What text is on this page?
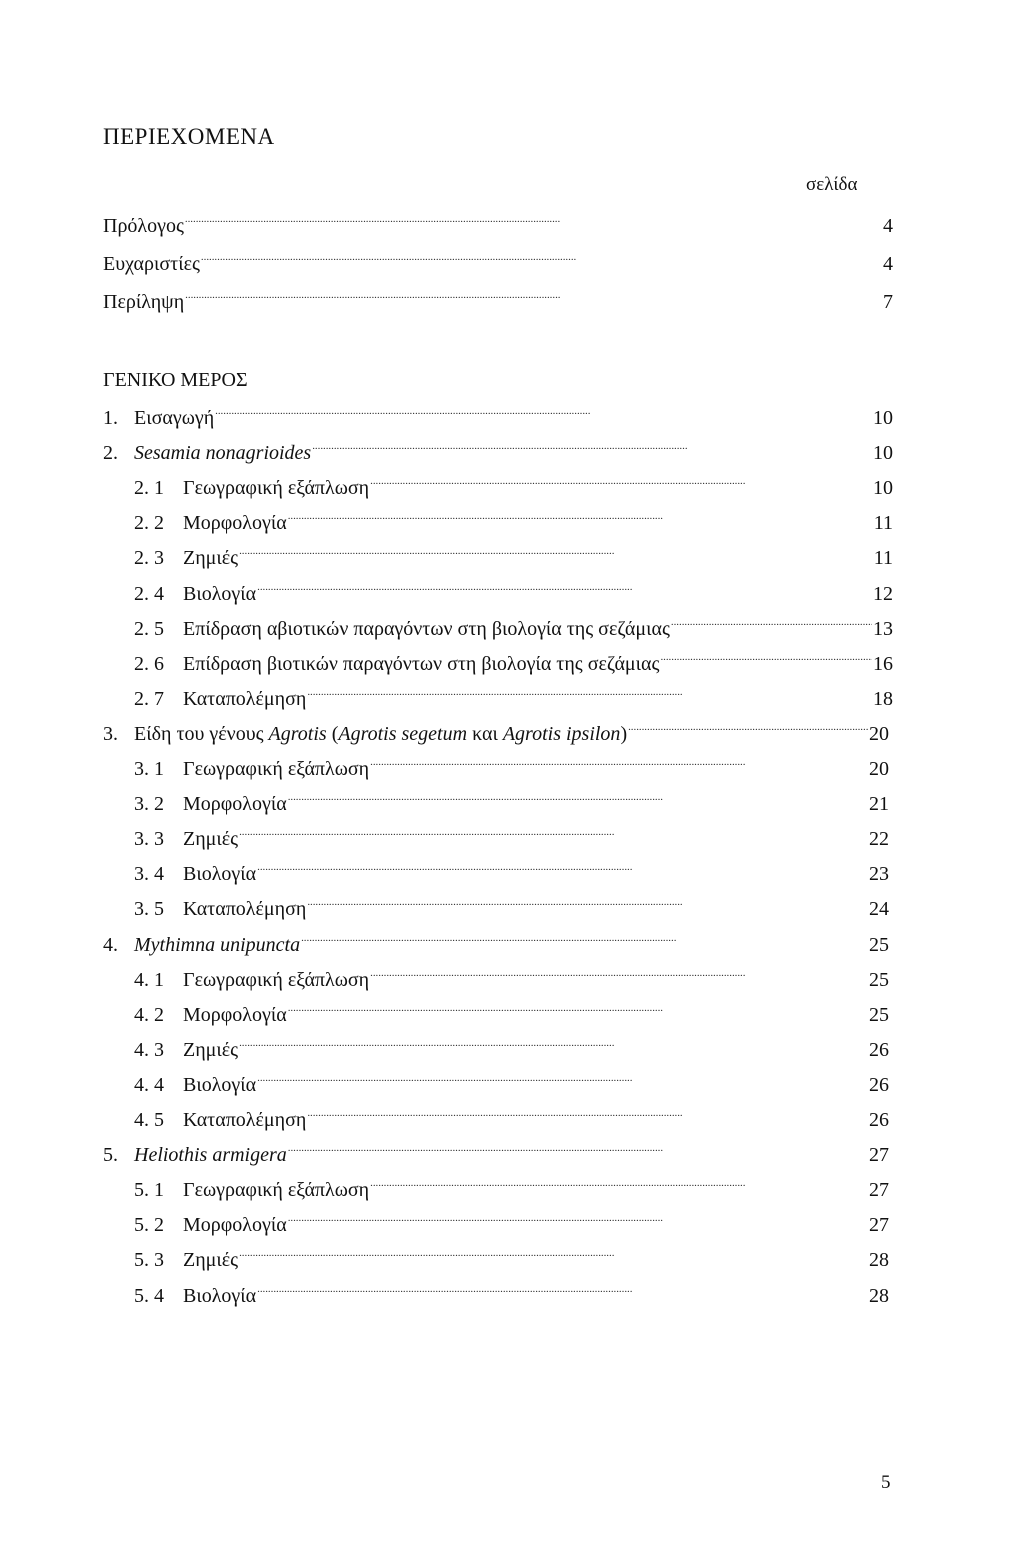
ΠΕΡΙΕΧΟΜΕΝΑ
σελίδα
Πρόλογος . . .	4
Ευχαριστίες . . .	4
Περίληψη . . .	7
ΓΕΝΙΚΟ ΜΕΡΟΣ
1. Εισαγωγή . . .	10
2. Sesamia nonagrioides . . .	10
2. 1 Γεωγραφική εξάπλωση . . .	10
2. 2 Μορφολογία . . .	11
2. 3 Ζημιές . . .	11
2. 4 Βιολογία . . .	12
2. 5 Επίδραση αβιοτικών παραγόντων στη βιολογία της σεζάμιας . . .	13
2. 6 Επίδραση βιοτικών παραγόντων στη βιολογία της σεζάμιας . . .	16
2. 7 Καταπολέμηση . . .	18
3. Είδη του γένους Agrotis (Agrotis segetum και Agrotis ipsilon) . . .	20
3. 1 Γεωγραφική εξάπλωση . . .	20
3. 2 Μορφολογία . . .	21
3. 3 Ζημιές . . .	22
3. 4 Βιολογία . . .	23
3. 5 Καταπολέμηση . . .	24
4. Mythimna unipuncta . . .	25
4. 1 Γεωγραφική εξάπλωση . . .	25
4. 2 Μορφολογία . . .	25
4. 3 Ζημιές . . .	26
4. 4 Βιολογία . . .	26
4. 5 Καταπολέμηση . . .	26
5. Heliothis armigera . . .	27
5. 1 Γεωγραφική εξάπλωση . . .	27
5. 2 Μορφολογία . . .	27
5. 3 Ζημιές . . .	28
5. 4 Βιολογία . . .	28
5
